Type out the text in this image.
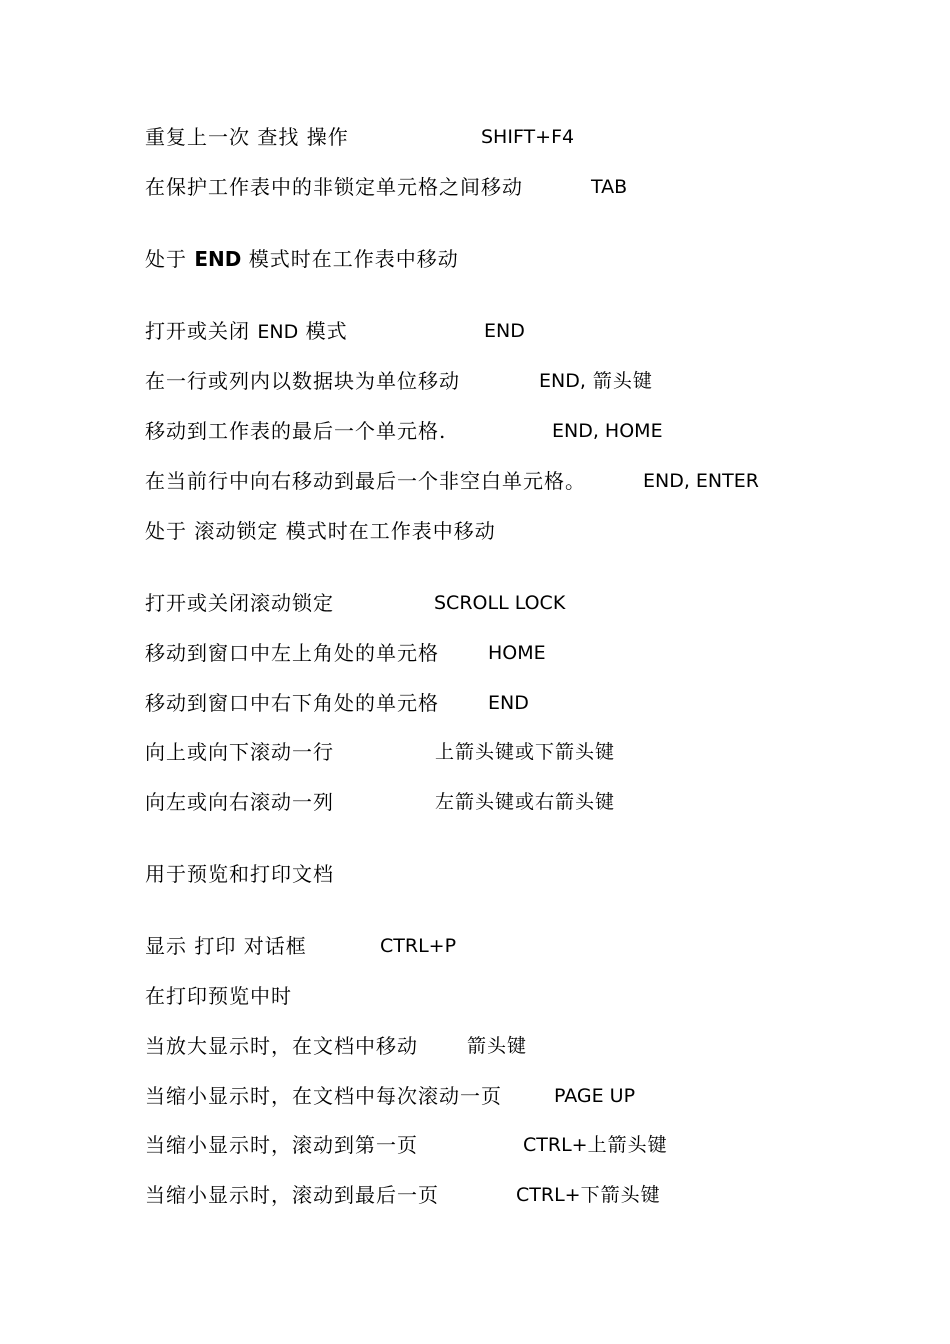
重复上一次 查找 操作	SHIFT+F4
在保护工作表中的非锁定单元格之间移动	TAB
处于 END 模式时在工作表中移动
打开或关闭 END 模式	END
在一行或列内以数据块为单位移动	END, 箭头键
移动到工作表的最后一个单元格.	END, HOME
在当前行中向右移动到最后一个非空白单元格。	END, ENTER
处于 滚动锁定 模式时在工作表中移动
打开或关闭滚动锁定	SCROLL LOCK
移动到窗口中左上角处的单元格	HOME
移动到窗口中右下角处的单元格	END
向上或向下滚动一行	上箭头键或下箭头键
向左或向右滚动一列	左箭头键或右箭头键
用于预览和打印文档
显示 打印 对话框	CTRL+P
在打印预览中时
当放大显示时，在文档中移动	箭头键
当缩小显示时，在文档中每次滚动一页	PAGE UP
当缩小显示时，滚动到第一页	CTRL+上箭头键
当缩小显示时，滚动到最后一页	CTRL+下箭头键
